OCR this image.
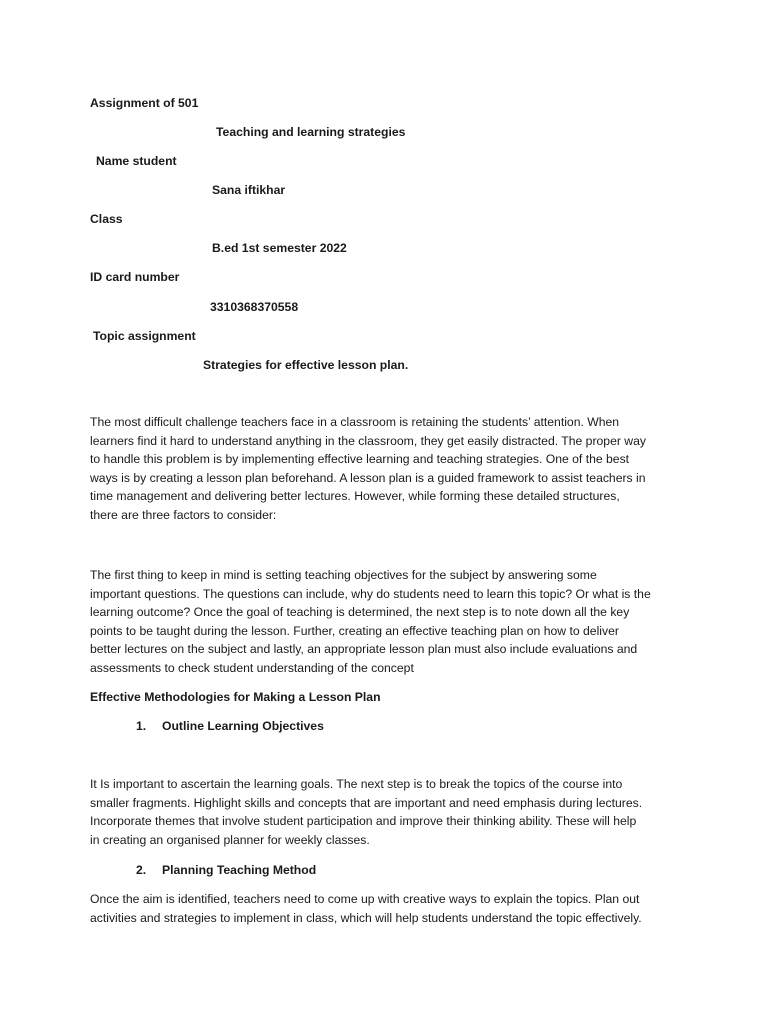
Assignment of 501
Teaching and learning strategies
Name student
Sana iftikhar
Class
B.ed 1st semester 2022
ID card number
3310368370558
Topic assignment
Strategies for effective lesson plan.
The most difficult challenge teachers face in a classroom is retaining the students’ attention. When
learners find it hard to understand anything in the classroom, they get easily distracted. The proper way
to handle this problem is by implementing effective learning and teaching strategies. One of the best
ways is by creating a lesson plan beforehand. A lesson plan is a guided framework to assist teachers in
time management and delivering better lectures. However, while forming these detailed structures,
there are three factors to consider:
The first thing to keep in mind is setting teaching objectives for the subject by answering some
important questions. The questions can include, why do students need to learn this topic? Or what is the
learning outcome? Once the goal of teaching is determined, the next step is to note down all the key
points to be taught during the lesson. Further, creating an effective teaching plan on how to deliver
better lectures on the subject and lastly, an appropriate lesson plan must also include evaluations and
assessments to check student understanding of the concept
Effective Methodologies for Making a Lesson Plan
1. Outline Learning Objectives
It Is important to ascertain the learning goals. The next step is to break the topics of the course into
smaller fragments. Highlight skills and concepts that are important and need emphasis during lectures.
Incorporate themes that involve student participation and improve their thinking ability. These will help
in creating an organised planner for weekly classes.
2. Planning Teaching Method
Once the aim is identified, teachers need to come up with creative ways to explain the topics. Plan out
activities and strategies to implement in class, which will help students understand the topic effectively.
